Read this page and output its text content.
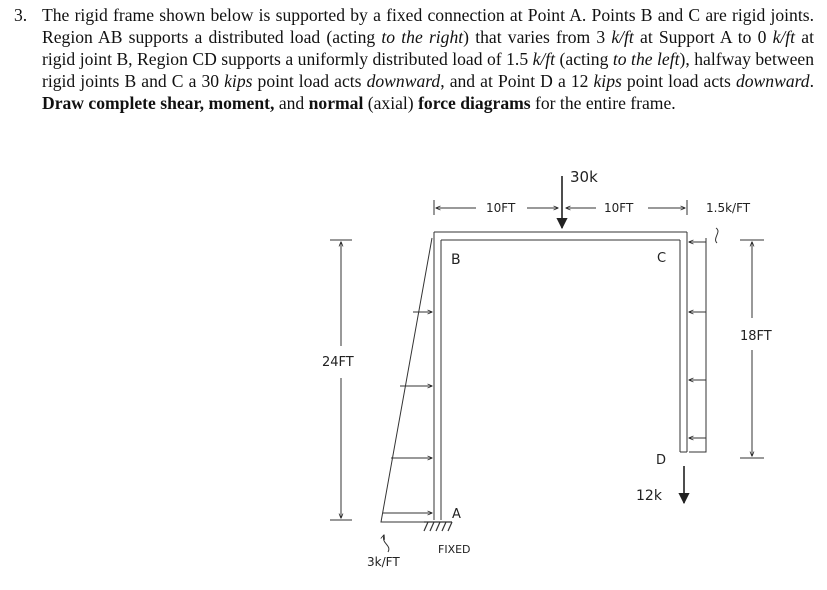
3. The rigid frame shown below is supported by a fixed connection at Point A. Points B and C are rigid joints. Region AB supports a distributed load (acting to the right) that varies from 3 k/ft at Support A to 0 k/ft at rigid joint B, Region CD supports a uniformly distributed load of 1.5 k/ft (acting to the left), halfway between rigid joints B and C a 30 kips point load acts downward, and at Point D a 12 kips point load acts downward. Draw complete shear, moment, and normal (axial) force diagrams for the entire frame.
30k
10FT	10FT	1.5k/FT
24FT
18FT
B	C
D
A
12k
FIXED
3k/FT
